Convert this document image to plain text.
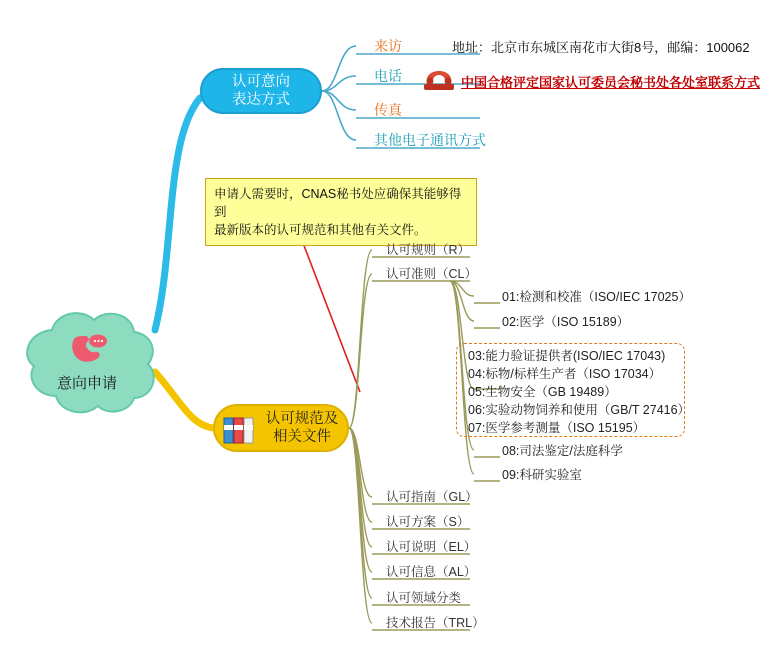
意向申请
认可意向
表达方式
来访
电话
传真
其他电子通讯方式
地址：北京市东城区南花市大街8号，邮编：100062
中国合格评定国家认可委员会秘书处各处室联系方式
申请人需要时，CNAS秘书处应确保其能够得到
最新版本的认可规范和其他有关文件。
认可规范及
相关文件
认可规则（R）
认可准则（CL）
认可指南（GL）
认可方案（S）
认可说明（EL）
认可信息（AL）
认可领域分类
技术报告（TRL）
01:检测和校准（ISO/IEC 17025）
02:医学（ISO 15189）
03:能力验证提供者(ISO/IEC 17043)
04:标物/标样生产者（ISO 17034）
05:生物安全（GB 19489）
06:实验动物饲养和使用（GB/T 27416）
07:医学参考测量（ISO 15195）
08:司法鉴定/法庭科学
09:科研实验室
